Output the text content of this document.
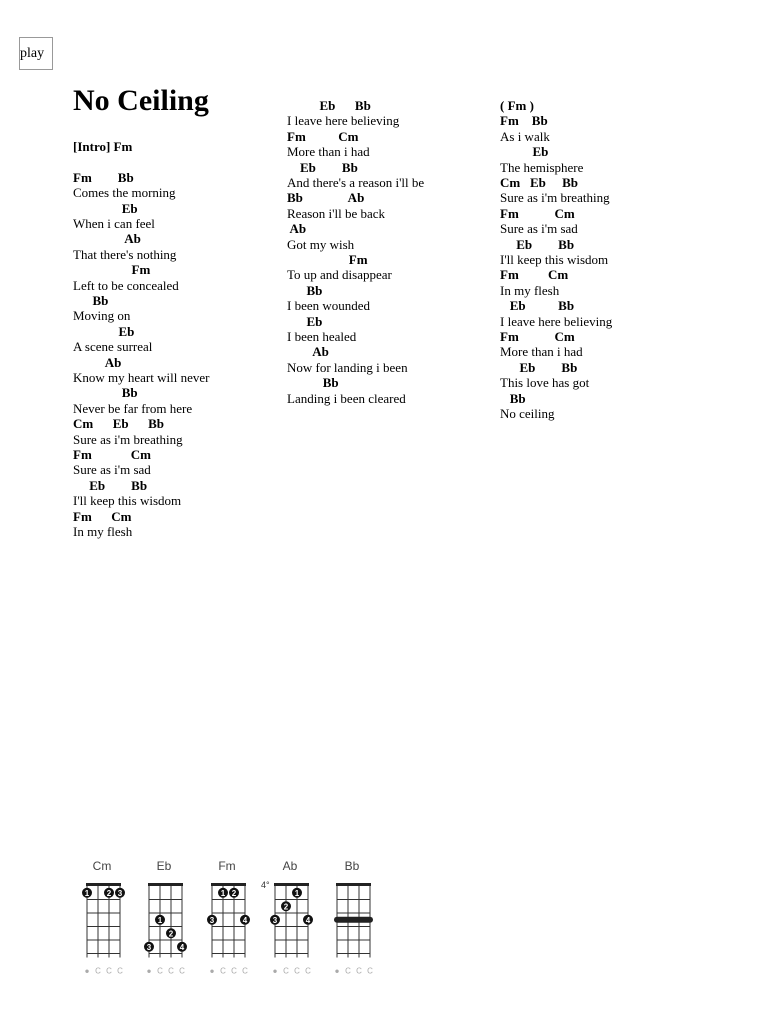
play
No Ceiling
[Intro] Fm
Fm        Bb
Comes the morning
Eb
When i can feel
Ab
That there's nothing
Fm
Left to be concealed
Bb
Moving on
Eb
A scene surreal
Ab
Know my heart will never
Bb
Never be far from here
Cm      Eb      Bb
Sure as i'm breathing
Fm            Cm
Sure as i'm sad
Eb        Bb
I'll keep this wisdom
Fm      Cm
In my flesh
Eb      Bb
I leave here believing
Fm          Cm
More than i had
Eb        Bb
And there's a reason i'll be
Bb              Ab
Reason i'll be back
Ab
Got my wish
Fm
To up and disappear
Bb
I been wounded
Eb
I been healed
Ab
Now for landing i been
Bb
Landing i been cleared
( Fm )
Fm    Bb
As i walk
Eb
The hemisphere
Cm   Eb     Bb
Sure as i'm breathing
Fm           Cm
Sure as i'm sad
Eb        Bb
I'll keep this wisdom
Fm         Cm
In my flesh
Eb          Bb
I leave here believing
Fm           Cm
More than i had
Eb        Bb
This love has got
Bb
No ceiling
Cm
1 2 3
● C C C
Eb
1
2
3	4
● C C C
Fm
1 2
3	4
● C C C
Ab
4°
1
2
3	4
● C C C
Bb
● C C C
